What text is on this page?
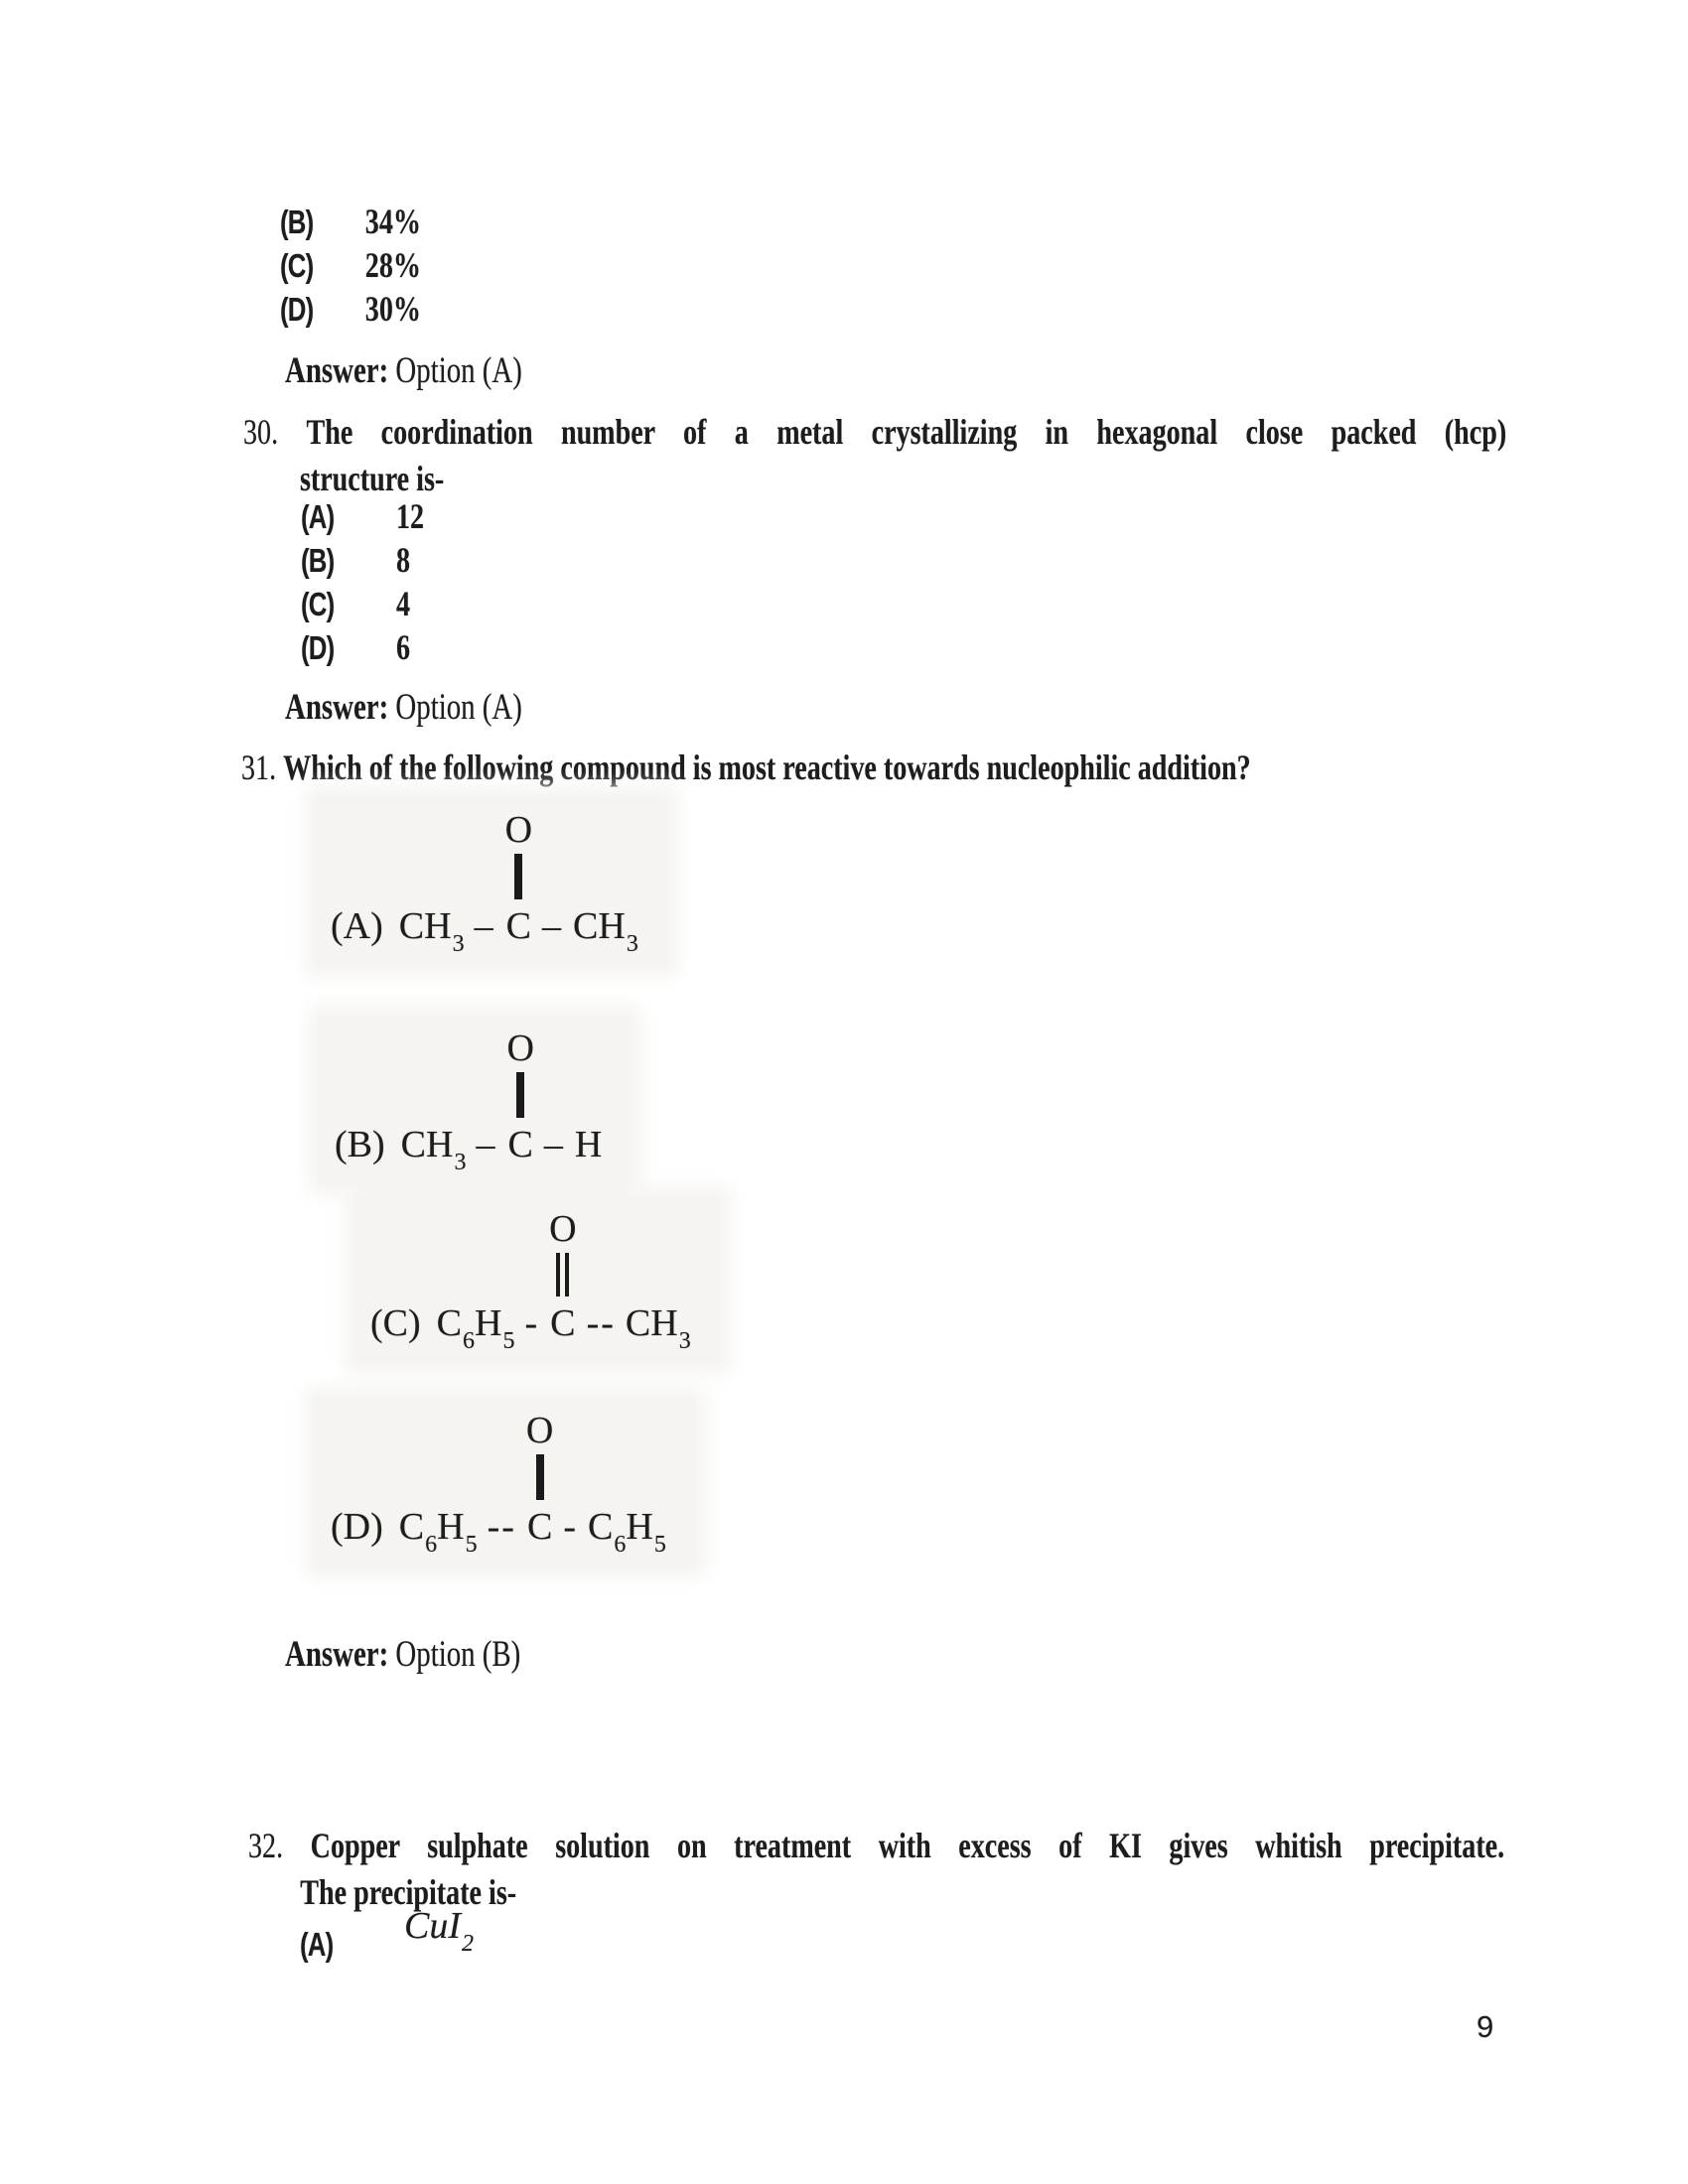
(B) 34%
(C) 28%
(D) 30%
Answer: Option (A)
30. The coordination number of a metal crystallizing in hexagonal close packed (hcp)
structure is-
(A) 12
(B) 8
(C) 4
(D) 6
Answer: Option (A)
31. Which of the following compound is most reactive towards nucleophilic addition?
(A) $CH_3$ –
O
C – $CH_3$
(B) $CH_3$ –
O
C – H
(C) $C_6H_5$ -
O
C -- $CH_3$
(D) $C_6H_5$ --
O
C - $C_6H_5$
Answer: Option (B)
32. Copper sulphate solution on treatment with excess of KI gives whitish precipitate.
The precipitate is-
(A) CuI$_2$
9
